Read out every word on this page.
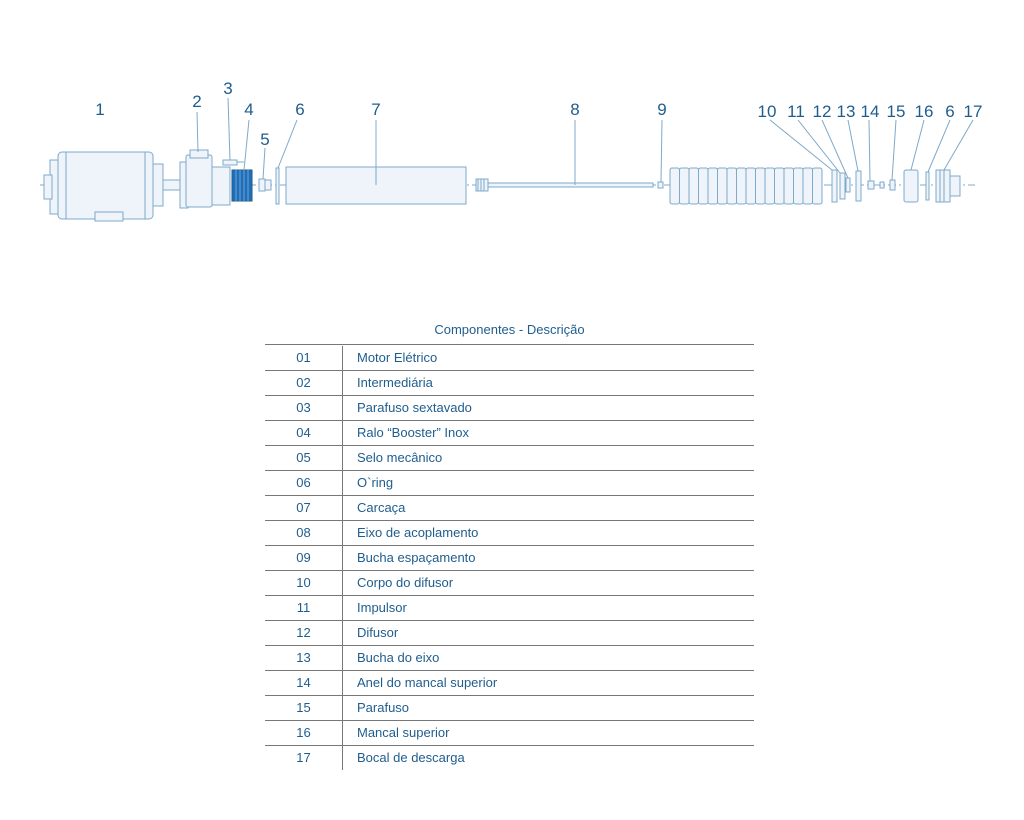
1	2
3
4
5
6	7	8	9	10 11 12 13 14 15 16 6 17
Componentes - Descrição

01	Motor Elétrico
02	Intermediária
03	Parafuso sextavado
04	Ralo “Booster” Inox
05	Selo mecânico
06	O`ring
07	Carcaça
08	Eixo de acoplamento
09	Bucha espaçamento
10	Corpo do difusor
11	Impulsor
12	Difusor
13	Bucha do eixo
14	Anel do mancal superior
15	Parafuso
16	Mancal superior
17	Bocal de descarga
